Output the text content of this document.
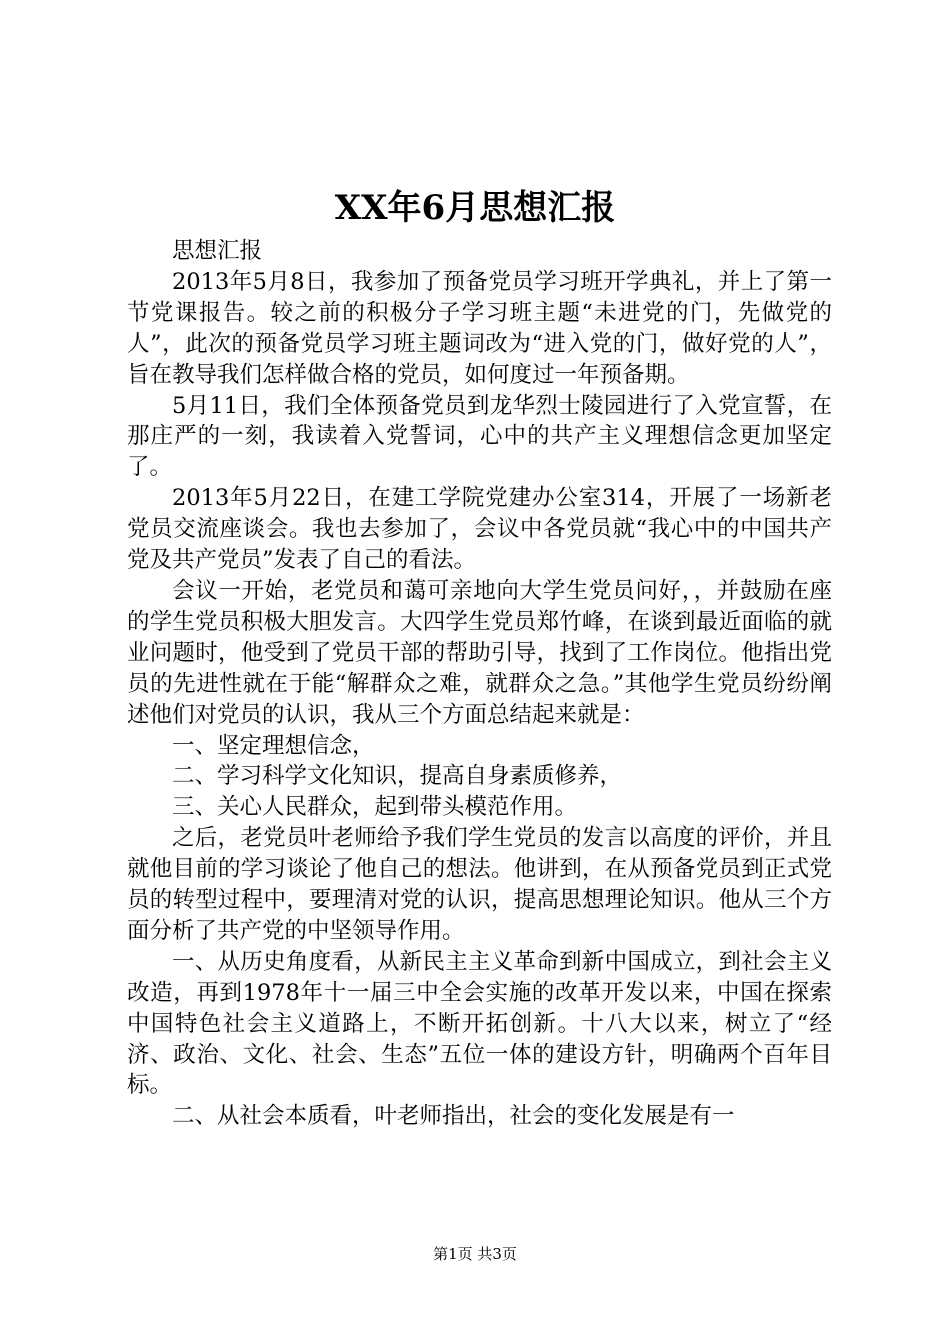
XX年6月思想汇报

思想汇报

2013年5月8日，我参加了预备党员学习班开学典礼，并上了第一节党课报告。较之前的积极分子学习班主题“未进党的门，先做党的人”，此次的预备党员学习班主题词改为“进入党的门，做好党的人”，旨在教导我们怎样做合格的党员，如何度过一年预备期。

5月11日，我们全体预备党员到龙华烈士陵园进行了入党宣誓，在那庄严的一刻，我读着入党誓词，心中的共产主义理想信念更加坚定了。

2013年5月22日，在建工学院党建办公室314，开展了一场新老党员交流座谈会。我也去参加了，会议中各党员就“我心中的中国共产党及共产党员”发表了自己的看法。

会议一开始，老党员和蔼可亲地向大学生党员问好，，并鼓励在座的学生党员积极大胆发言。大四学生党员郑竹峰，在谈到最近面临的就业问题时，他受到了党员干部的帮助引导，找到了工作岗位。他指出党员的先进性就在于能“解群众之难，就群众之急。”其他学生党员纷纷阐述他们对党员的认识，我从三个方面总结起来就是：

一、坚定理想信念，

二、学习科学文化知识，提高自身素质修养，

三、关心人民群众，起到带头模范作用。

之后，老党员叶老师给予我们学生党员的发言以高度的评价，并且就他目前的学习谈论了他自己的想法。他讲到，在从预备党员到正式党员的转型过程中，要理清对党的认识，提高思想理论知识。他从三个方面分析了共产党的中坚领导作用。

一、从历史角度看，从新民主主义革命到新中国成立，到社会主义改造，再到1978年十一届三中全会实施的改革开发以来，中国在探索中国特色社会主义道路上，不断开拓创新。十八大以来，树立了“经济、政治、文化、社会、生态”五位一体的建设方针，明确两个百年目标。

二、从社会本质看，叶老师指出，社会的变化发展是有一

第1页 共3页
